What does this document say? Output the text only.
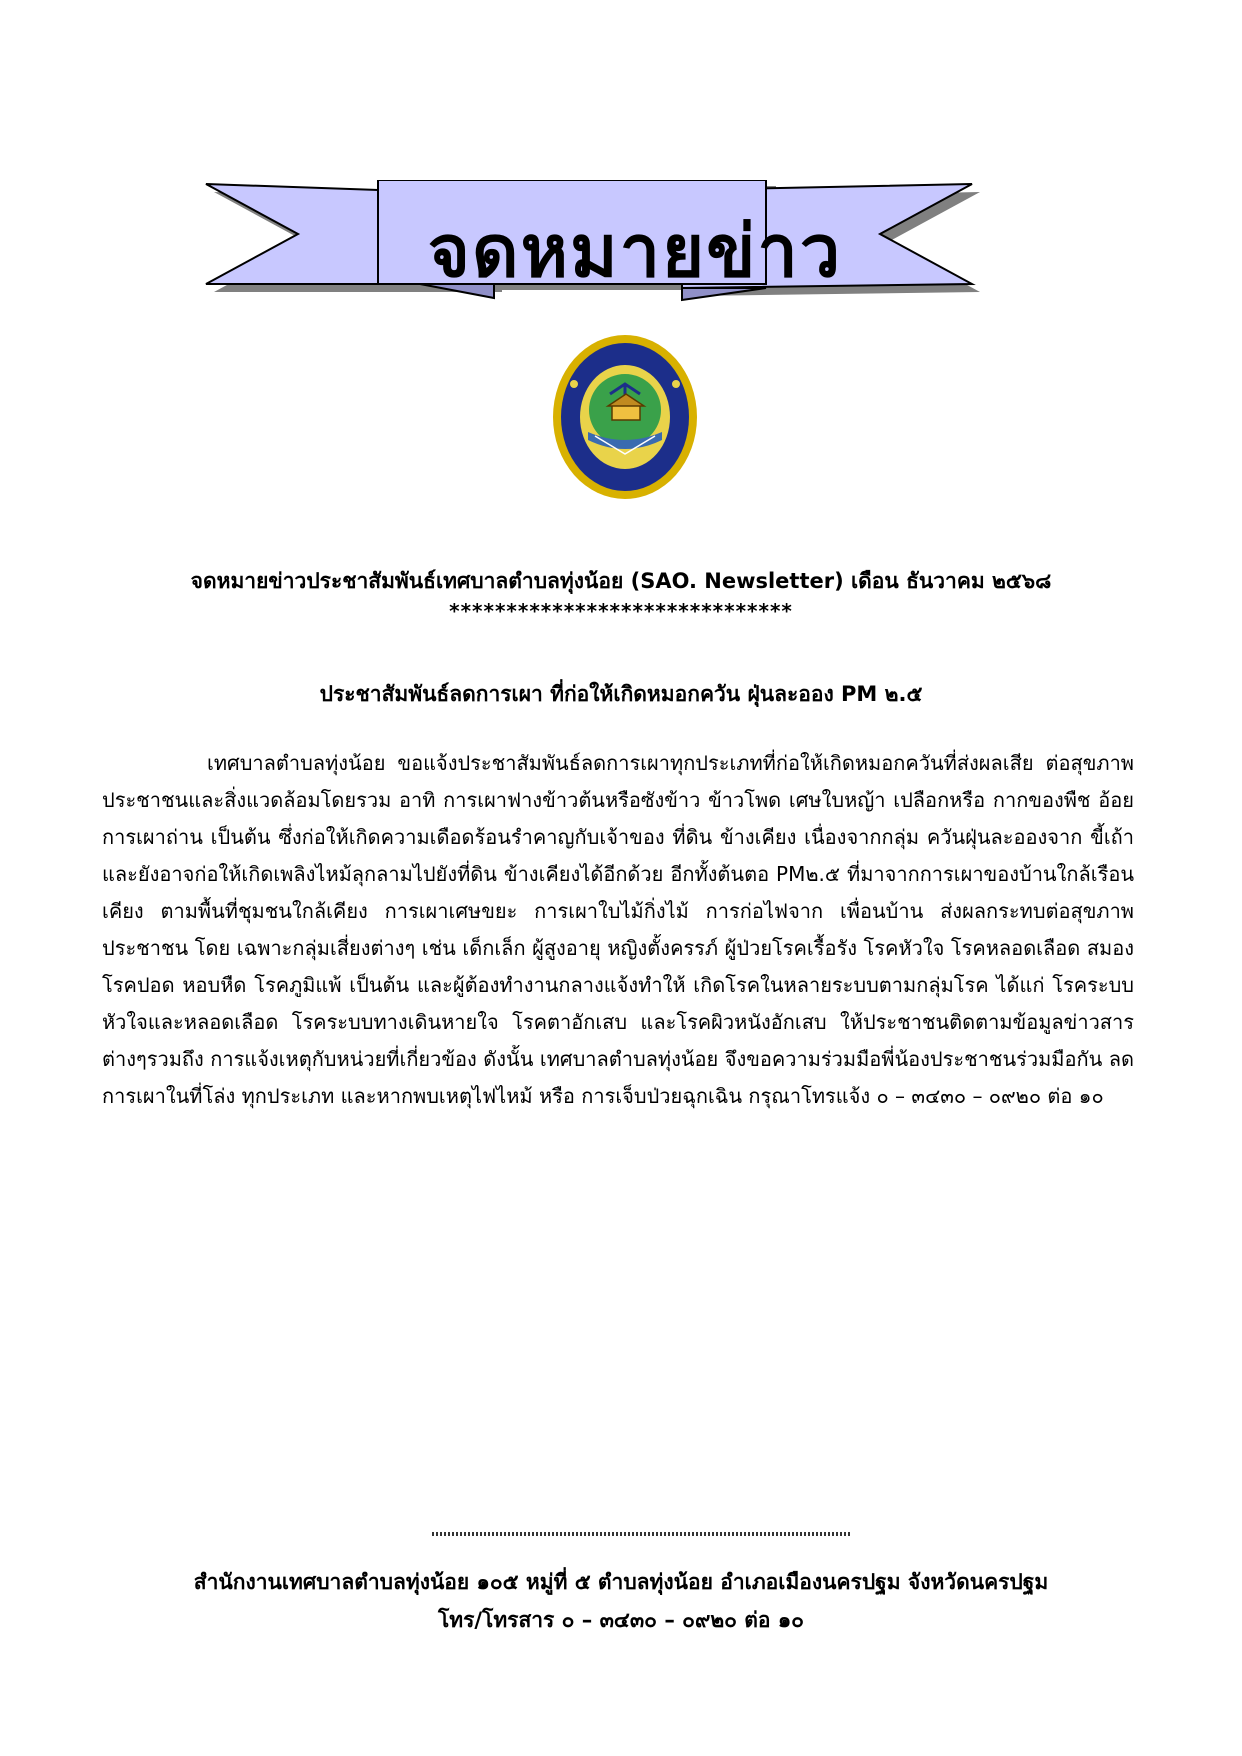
จดหมายข่าว
จดหมายข่าวประชาสัมพันธ์เทศบาลตำบลทุ่งน้อย (SAO. Newsletter) เดือน ธันวาคม ๒๕๖๘
******************************
ประชาสัมพันธ์ลดการเผา ที่ก่อให้เกิดหมอกควัน ฝุ่นละออง PM ๒.๕
เทศบาลตำบลทุ่งน้อย ขอแจ้งประชาสัมพันธ์ลดการเผาทุกประเภทที่ก่อให้เกิดหมอกควันที่ส่งผลเสีย ต่อสุขภาพประชาชนและสิ่งแวดล้อมโดยรวม อาทิ การเผาฟางข้าวต้นหรือซังข้าว ข้าวโพด เศษใบหญ้า เปลือกหรือ กากของพืช อ้อย การเผาถ่าน เป็นต้น ซึ่งก่อให้เกิดความเดือดร้อนรำคาญกับเจ้าของ ที่ดิน ข้างเคียง เนื่องจากกลุ่ม ควันฝุ่นละอองจาก ขี้เถ้า และยังอาจก่อให้เกิดเพลิงไหม้ลุกลามไปยังที่ดิน ข้างเคียงได้อีกด้วย อีกทั้งต้นตอ PM๒.๕ ที่มาจากการเผาของบ้านใกล้เรือนเคียง ตามพื้นที่ชุมชนใกล้เคียง การเผาเศษขยะ การเผาใบไม้กิ่งไม้ การก่อไฟจาก เพื่อนบ้าน ส่งผลกระทบต่อสุขภาพประชาชน โดย เฉพาะกลุ่มเสี่ยงต่างๆ เช่น เด็กเล็ก ผู้สูงอายุ หญิงตั้งครรภ์ ผู้ป่วยโรคเรื้อรัง โรคหัวใจ โรคหลอดเลือด สมอง โรคปอด หอบหืด โรคภูมิแพ้ เป็นต้น และผู้ต้องทำงานกลางแจ้งทำให้ เกิดโรคในหลายระบบตามกลุ่มโรค ได้แก่ โรคระบบหัวใจและหลอดเลือด โรคระบบทางเดินหายใจ โรคตาอักเสบ และโรคผิวหนังอักเสบ ให้ประชาชนติดตามข้อมูลข่าวสารต่างๆรวมถึง การแจ้งเหตุกับหน่วยที่เกี่ยวข้อง ดังนั้น เทศบาลตำบลทุ่งน้อย จึงขอความร่วมมือพี่น้องประชาชนร่วมมือกัน ลดการเผาในที่โล่ง ทุกประเภท และหากพบเหตุไฟไหม้ หรือ การเจ็บป่วยฉุกเฉิน กรุณาโทรแจ้ง ๐ – ๓๔๓๐ – ๐๙๒๐ ต่อ ๑๐
สำนักงานเทศบาลตำบลทุ่งน้อย ๑๐๕ หมู่ที่ ๕ ตำบลทุ่งน้อย อำเภอเมืองนครปฐม จังหวัดนครปฐม
โทร/โทรสาร ๐ – ๓๔๓๐ – ๐๙๒๐ ต่อ ๑๐
